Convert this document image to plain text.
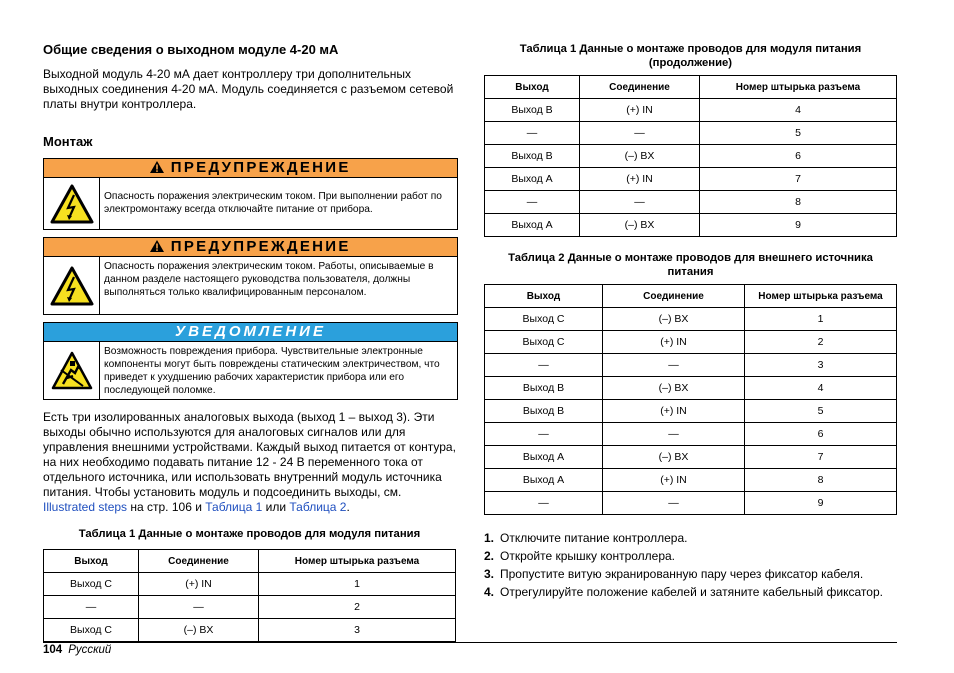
Общие сведения о выходном модуле 4-20 мА

Выходной модуль 4-20 мА дает контроллеру три дополнительных выходных соединения 4-20 мА. Модуль соединяется с разъемом сетевой платы внутри контроллера.

Монтаж
ПРЕДУПРЕЖДЕНИЕ
Опасность поражения электрическим током. При выполнении работ по электромонтажу всегда отключайте питание от прибора.
ПРЕДУПРЕЖДЕНИЕ
Опасность поражения электрическим током. Работы, описываемые в данном разделе настоящего руководства пользователя, должны выполняться только квалифицированным персоналом.
УВЕДОМЛЕНИЕ
Возможность повреждения прибора. Чувствительные электронные компоненты могут быть повреждены статическим электричеством, что приведет к ухудшению рабочих характеристик прибора или его последующей поломке.

Есть три изолированных аналоговых выхода (выход 1 – выход 3). Эти выходы обычно используются для аналоговых сигналов или для управления внешними устройствами. Каждый выход питается от контура, на них необходимо подавать питание 12 - 24 В переменного тока от отдельного источника, или использовать внутренний модуль источника питания. Чтобы установить модуль и подсоединить выходы, см. Illustrated steps на стр. 106 и Таблица 1 или Таблица 2.

Таблица 1 Данные о монтаже проводов для модуля питания
Выход	Соединение	Номер штырька разъема
Выход C	(+) IN	1
—	—	2
Выход C	(–) BX	3
Таблица 1 Данные о монтаже проводов для модуля питания (продолжение)
Выход	Соединение	Номер штырька разъема
Выход B	(+) IN	4
—	—	5
Выход B	(–) BX	6
Выход A	(+) IN	7
—	—	8
Выход A	(–) BX	9
Таблица 2 Данные о монтаже проводов для внешнего источника питания
Выход	Соединение	Номер штырька разъема
Выход C	(–) BX	1
Выход C	(+) IN	2
—	—	3
Выход B	(–) BX	4
Выход B	(+) IN	5
—	—	6
Выход A	(–) BX	7
Выход A	(+) IN	8
—	—	9
1. Отключите питание контроллера.
2. Откройте крышку контроллера.
3. Пропустите витую экранированную пару через фиксатор кабеля.
4. Отрегулируйте положение кабелей и затяните кабельный фиксатор.
104 Русский
